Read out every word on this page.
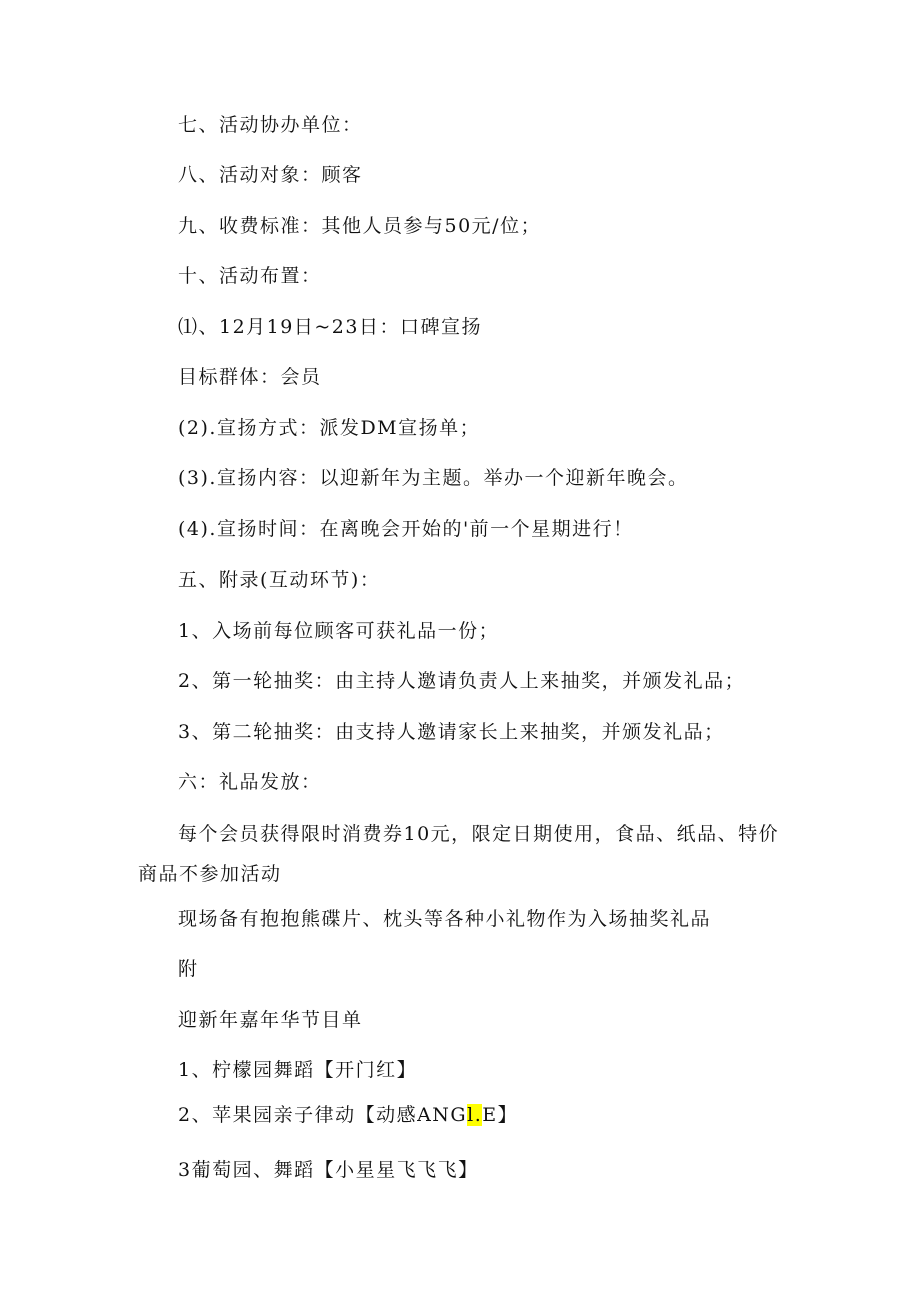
七、活动协办单位：
八、活动对象：顾客
九、收费标准：其他人员参与50元/位；
十、活动布置：
⑴、12月19日~23日：口碑宣扬
目标群体：会员
(2).宣扬方式：派发DM宣扬单；
(3).宣扬内容：以迎新年为主题。举办一个迎新年晚会。
(4).宣扬时间：在离晚会开始的'前一个星期进行！
五、附录(互动环节)：
1、入场前每位顾客可获礼品一份；
2、第一轮抽奖：由主持人邀请负责人上来抽奖，并颁发礼品；
3、第二轮抽奖：由支持人邀请家长上来抽奖，并颁发礼品；
六：礼品发放：
每个会员获得限时消费券10元，限定日期使用，食品、纸品、特价商品不参加活动
现场备有抱抱熊碟片、枕头等各种小礼物作为入场抽奖礼品
附
迎新年嘉年华节目单
1、柠檬园舞蹈【开门红】
2、苹果园亲子律动【动感ANGl.E】
3葡萄园、舞蹈【小星星飞飞飞】
